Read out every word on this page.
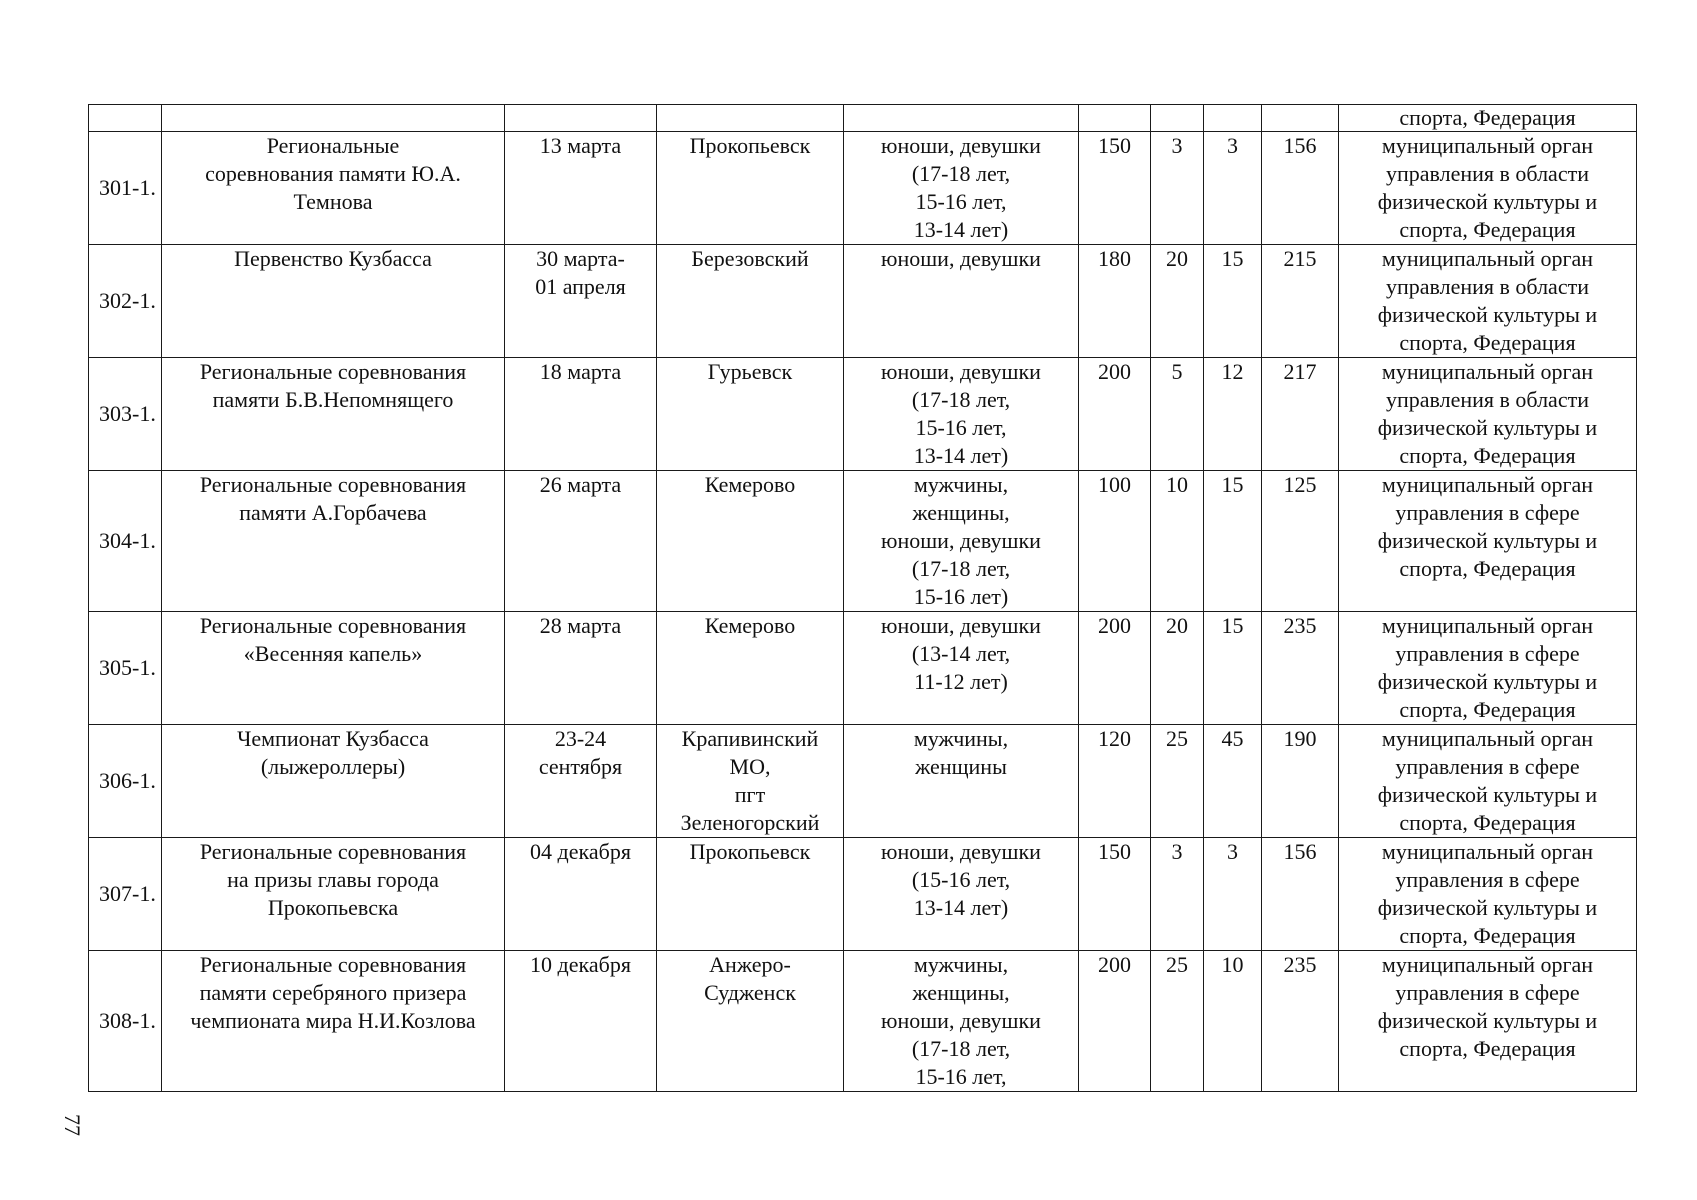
77
									спорта, Федерация
301-1.	Региональные
соревнования памяти Ю.А.
Темнова	13 марта	Прокопьевск	юноши, девушки
(17-18 лет,
15-16 лет,
13-14 лет)	150	3	3	156	муниципальный орган
управления в области
физической культуры и
спорта, Федерация
302-1.	Первенство Кузбасса	30 марта-
01 апреля	Березовский	юноши, девушки	180	20	15	215	муниципальный орган
управления в области
физической культуры и
спорта, Федерация
303-1.	Региональные соревнования
памяти Б.В.Непомнящего	18 марта	Гурьевск	юноши, девушки
(17-18 лет,
15-16 лет,
13-14 лет)	200	5	12	217	муниципальный орган
управления в области
физической культуры и
спорта, Федерация
304-1.	Региональные соревнования
памяти А.Горбачева	26 марта	Кемерово	мужчины,
женщины,
юноши, девушки
(17-18 лет,
15-16 лет)	100	10	15	125	муниципальный орган
управления в сфере
физической культуры и
спорта, Федерация
305-1.	Региональные соревнования
«Весенняя капель»	28 марта	Кемерово	юноши, девушки
(13-14 лет,
11-12 лет)	200	20	15	235	муниципальный орган
управления в сфере
физической культуры и
спорта, Федерация
306-1.	Чемпионат Кузбасса
(лыжероллеры)	23-24
сентября	Крапивинский
МО,
пгт
Зеленогорский	мужчины,
женщины	120	25	45	190	муниципальный орган
управления в сфере
физической культуры и
спорта, Федерация
307-1.	Региональные соревнования
на призы главы города
Прокопьевска	04 декабря	Прокопьевск	юноши, девушки
(15-16 лет,
13-14 лет)	150	3	3	156	муниципальный орган
управления в сфере
физической культуры и
спорта, Федерация
308-1.	Региональные соревнования
памяти серебряного призера
чемпионата мира Н.И.Козлова	10 декабря	Анжеро-
Судженск	мужчины,
женщины,
юноши, девушки
(17-18 лет,
15-16 лет,	200	25	10	235	муниципальный орган
управления в сфере
физической культуры и
спорта, Федерация
